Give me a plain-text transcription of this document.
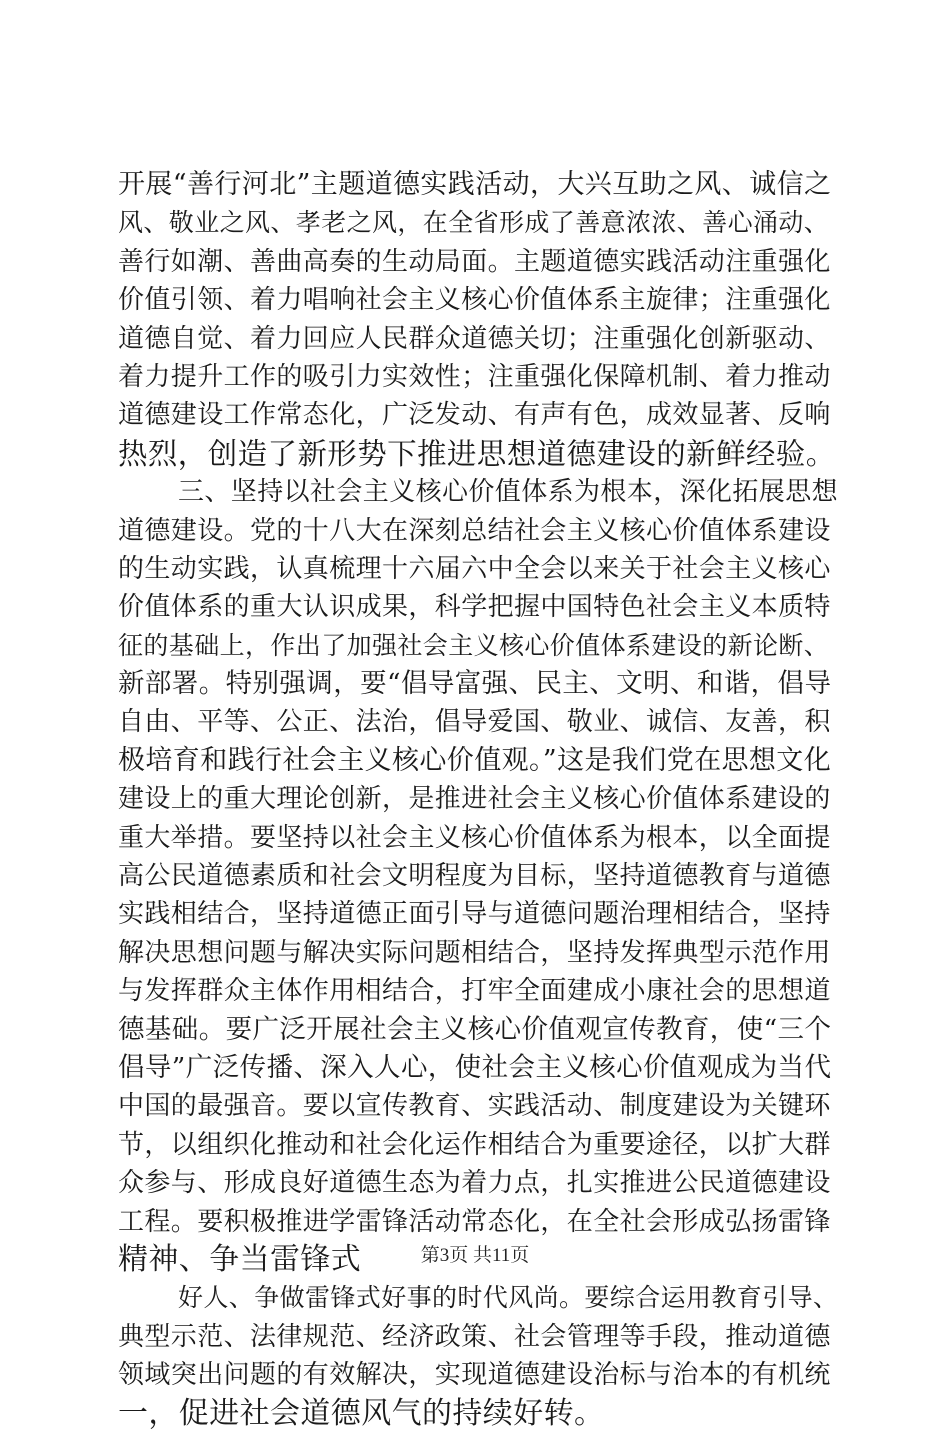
开展“善行河北”主题道德实践活动，大兴互助之风、诚信之
风、敬业之风、孝老之风，在全省形成了善意浓浓、善心涌动、
善行如潮、善曲高奏的生动局面。主题道德实践活动注重强化
价值引领、着力唱响社会主义核心价值体系主旋律；注重强化
道德自觉、着力回应人民群众道德关切；注重强化创新驱动、
着力提升工作的吸引力实效性；注重强化保障机制、着力推动
道德建设工作常态化，广泛发动、有声有色，成效显著、反响
热烈，创造了新形势下推进思想道德建设的新鲜经验。
三、坚持以社会主义核心价值体系为根本，深化拓展思想
道德建设。党的十八大在深刻总结社会主义核心价值体系建设
的生动实践，认真梳理十六届六中全会以来关于社会主义核心
价值体系的重大认识成果，科学把握中国特色社会主义本质特
征的基础上，作出了加强社会主义核心价值体系建设的新论断、
新部署。特别强调，要“倡导富强、民主、文明、和谐，倡导
自由、平等、公正、法治，倡导爱国、敬业、诚信、友善，积
极培育和践行社会主义核心价值观。”这是我们党在思想文化
建设上的重大理论创新，是推进社会主义核心价值体系建设的
重大举措。要坚持以社会主义核心价值体系为根本，以全面提
高公民道德素质和社会文明程度为目标，坚持道德教育与道德
实践相结合，坚持道德正面引导与道德问题治理相结合，坚持
解决思想问题与解决实际问题相结合，坚持发挥典型示范作用
与发挥群众主体作用相结合，打牢全面建成小康社会的思想道
德基础。要广泛开展社会主义核心价值观宣传教育，使“三个
倡导”广泛传播、深入人心，使社会主义核心价值观成为当代
中国的最强音。要以宣传教育、实践活动、制度建设为关键环
节，以组织化推动和社会化运作相结合为重要途径，以扩大群
众参与、形成良好道德生态为着力点，扎实推进公民道德建设
工程。要积极推进学雷锋活动常态化，在全社会形成弘扬雷锋
精神、争当雷锋式
好人、争做雷锋式好事的时代风尚。要综合运用教育引导、
典型示范、法律规范、经济政策、社会管理等手段，推动道德
领域突出问题的有效解决，实现道德建设治标与治本的有机统
一，促进社会道德风气的持续好转。
第3页 共11页
